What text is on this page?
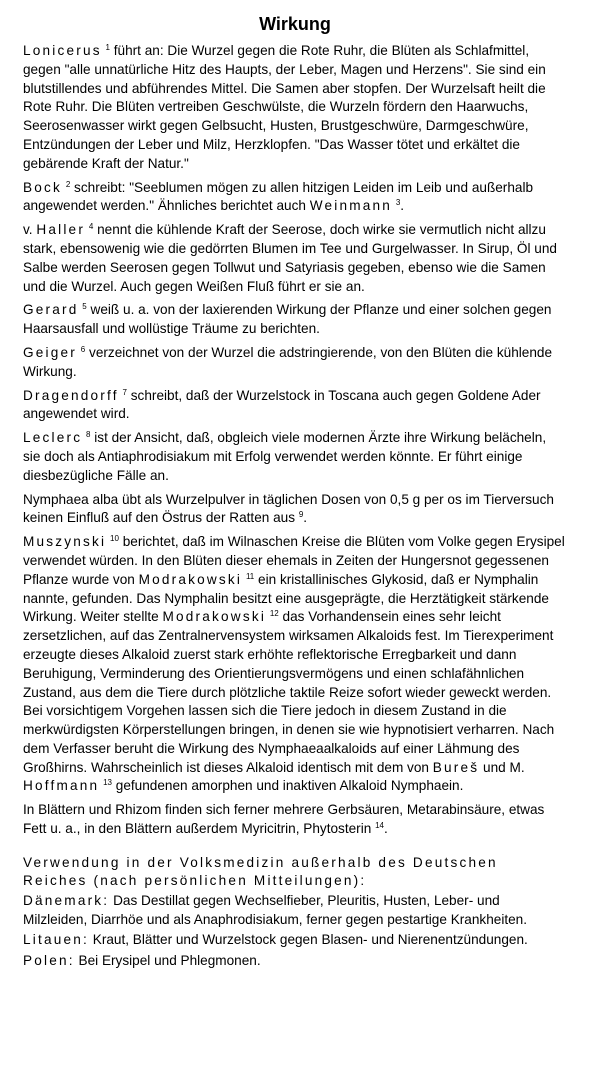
Wirkung

Lonicerus $^1$ führt an: Die Wurzel gegen die Rote Ruhr, die Blüten als Schlafmittel, gegen "alle unnatürliche Hitz des Haupts, der Leber, Magen und Herzens". Sie sind ein blutstillendes und abführendes Mittel. Die Samen aber stopfen. Der Wurzelsaft heilt die Rote Ruhr. Die Blüten vertreiben Geschwülste, die Wurzeln fördern den Haarwuchs, Seerosenwasser wirkt gegen Gelbsucht, Husten, Brustgeschwüre, Darmgeschwüre, Entzündungen der Leber und Milz, Herzklopfen. "Das Wasser tötet und erkältet die gebärende Kraft der Natur."

Bock $^2$ schreibt: "Seeblumen mögen zu allen hitzigen Leiden im Leib und außerhalb angewendet werden." Ähnliches berichtet auch Weinmann $^3$.

v. Haller $^4$ nennt die kühlende Kraft der Seerose, doch wirke sie vermutlich nicht allzu stark, ebensowenig wie die gedörrten Blumen im Tee und Gurgelwasser. In Sirup, Öl und Salbe werden Seerosen gegen Tollwut und Satyriasis gegeben, ebenso wie die Samen und die Wurzel. Auch gegen Weißen Fluß führt er sie an.

Gerard $^5$ weiß u. a. von der laxierenden Wirkung der Pflanze und einer solchen gegen Haarsausfall und wollüstige Träume zu berichten.

Geiger $^6$ verzeichnet von der Wurzel die adstringierende, von den Blüten die kühlende Wirkung.

Dragendorff $^7$ schreibt, daß der Wurzelstock in Toscana auch gegen Goldene Ader angewendet wird.

Leclerc $^8$ ist der Ansicht, daß, obgleich viele modernen Ärzte ihre Wirkung belächeln, sie doch als Antiaphrodisiakum mit Erfolg verwendet werden könnte. Er führt einige diesbezügliche Fälle an.

Nymphaea alba übt als Wurzelpulver in täglichen Dosen von 0,5 g per os im Tierversuch keinen Einfluß auf den Östrus der Ratten aus $^9$.

Muszynski $^{10}$ berichtet, daß im Wilnaschen Kreise die Blüten vom Volke gegen Erysipel verwendet würden. In den Blüten dieser ehemals in Zeiten der Hungersnot gegessenen Pflanze wurde von Modrakowski $^{11}$ ein kristallinisches Glykosid, daß er Nymphalin nannte, gefunden. Das Nymphalin besitzt eine ausgeprägte, die Herztätigkeit stärkende Wirkung. Weiter stellte Modrakowski $^{12}$ das Vorhandensein eines sehr leicht zersetzlichen, auf das Zentralnervensystem wirksamen Alkaloids fest. Im Tierexperiment erzeugte dieses Alkaloid zuerst stark erhöhte reflektorische Erregbarkeit und dann Beruhigung, Verminderung des Orientierungsvermögens und einen schlafähnlichen Zustand, aus dem die Tiere durch plötzliche taktile Reize sofort wieder geweckt werden. Bei vorsichtigem Vorgehen lassen sich die Tiere jedoch in diesem Zustand in die merkwürdigsten Körperstellungen bringen, in denen sie wie hypnotisiert verharren. Nach dem Verfasser beruht die Wirkung des Nymphaeaalkaloids auf einer Lähmung des Großhirns. Wahrscheinlich ist dieses Alkaloid identisch mit dem von Bureš und M. Hoffmann $^{13}$ gefundenen amorphen und inaktiven Alkaloid Nymphaein.

In Blättern und Rhizom finden sich ferner mehrere Gerbsäuren, Metarabinsäure, etwas Fett u. a., in den Blättern außerdem Myricitrin, Phytosterin $^{14}$.

Verwendung in der Volksmedizin außerhalb des Deutschen Reiches (nach persönlichen Mitteilungen):

Dänemark: Das Destillat gegen Wechselfieber, Pleuritis, Husten, Leber- und Milzleiden, Diarrhöe und als Anaphrodisiakum, ferner gegen pestartige Krankheiten.

Litauen: Kraut, Blätter und Wurzelstock gegen Blasen- und Nierenentzündungen.

Polen: Bei Erysipel und Phlegmonen.
